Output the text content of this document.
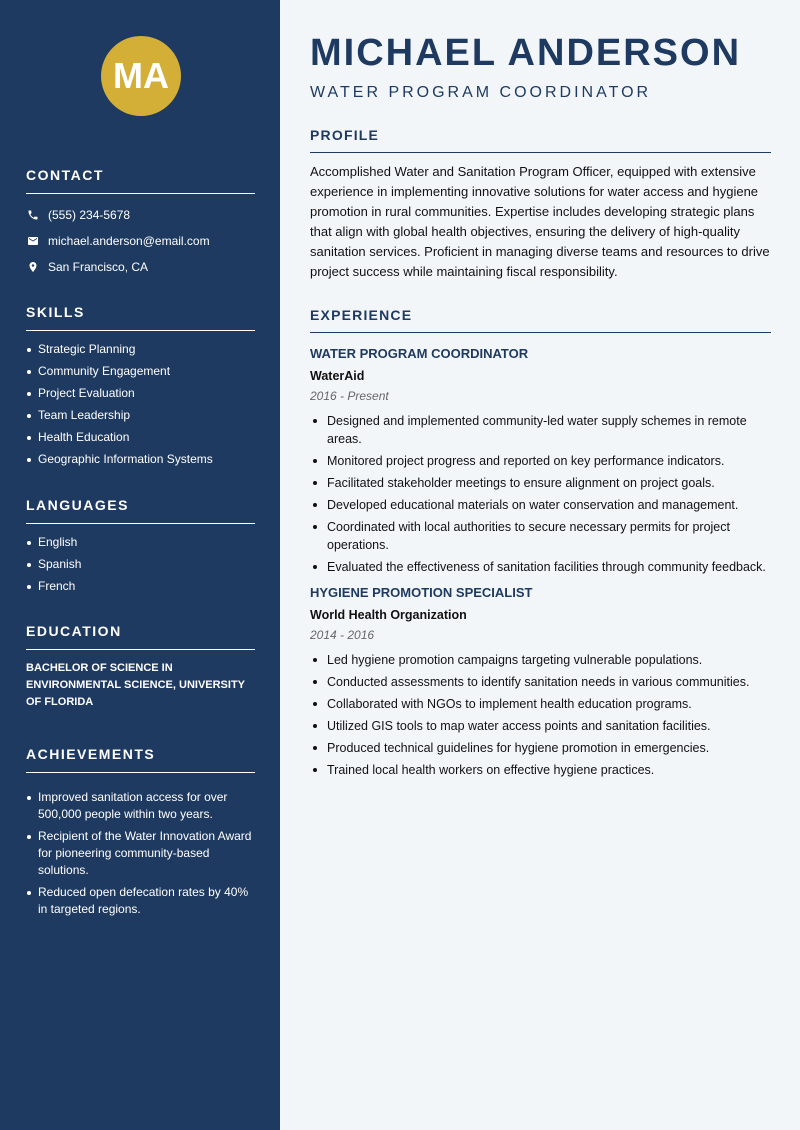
MA
CONTACT
(555) 234-5678
michael.anderson@email.com
San Francisco, CA
SKILLS
Strategic Planning
Community Engagement
Project Evaluation
Team Leadership
Health Education
Geographic Information Systems
LANGUAGES
English
Spanish
French
EDUCATION
BACHELOR OF SCIENCE IN ENVIRONMENTAL SCIENCE, UNIVERSITY OF FLORIDA
ACHIEVEMENTS
Improved sanitation access for over 500,000 people within two years.
Recipient of the Water Innovation Award for pioneering community-based solutions.
Reduced open defecation rates by 40% in targeted regions.
MICHAEL ANDERSON
WATER PROGRAM COORDINATOR
PROFILE

Accomplished Water and Sanitation Program Officer, equipped with extensive experience in implementing innovative solutions for water access and hygiene promotion in rural communities. Expertise includes developing strategic plans that align with global health objectives, ensuring the delivery of high-quality sanitation services. Proficient in managing diverse teams and resources to drive project success while maintaining fiscal responsibility.

EXPERIENCE
WATER PROGRAM COORDINATOR
WaterAid
2016 - Present
Designed and implemented community-led water supply schemes in remote areas.
Monitored project progress and reported on key performance indicators.
Facilitated stakeholder meetings to ensure alignment on project goals.
Developed educational materials on water conservation and management.
Coordinated with local authorities to secure necessary permits for project operations.
Evaluated the effectiveness of sanitation facilities through community feedback.
HYGIENE PROMOTION SPECIALIST
World Health Organization
2014 - 2016
Led hygiene promotion campaigns targeting vulnerable populations.
Conducted assessments to identify sanitation needs in various communities.
Collaborated with NGOs to implement health education programs.
Utilized GIS tools to map water access points and sanitation facilities.
Produced technical guidelines for hygiene promotion in emergencies.
Trained local health workers on effective hygiene practices.
